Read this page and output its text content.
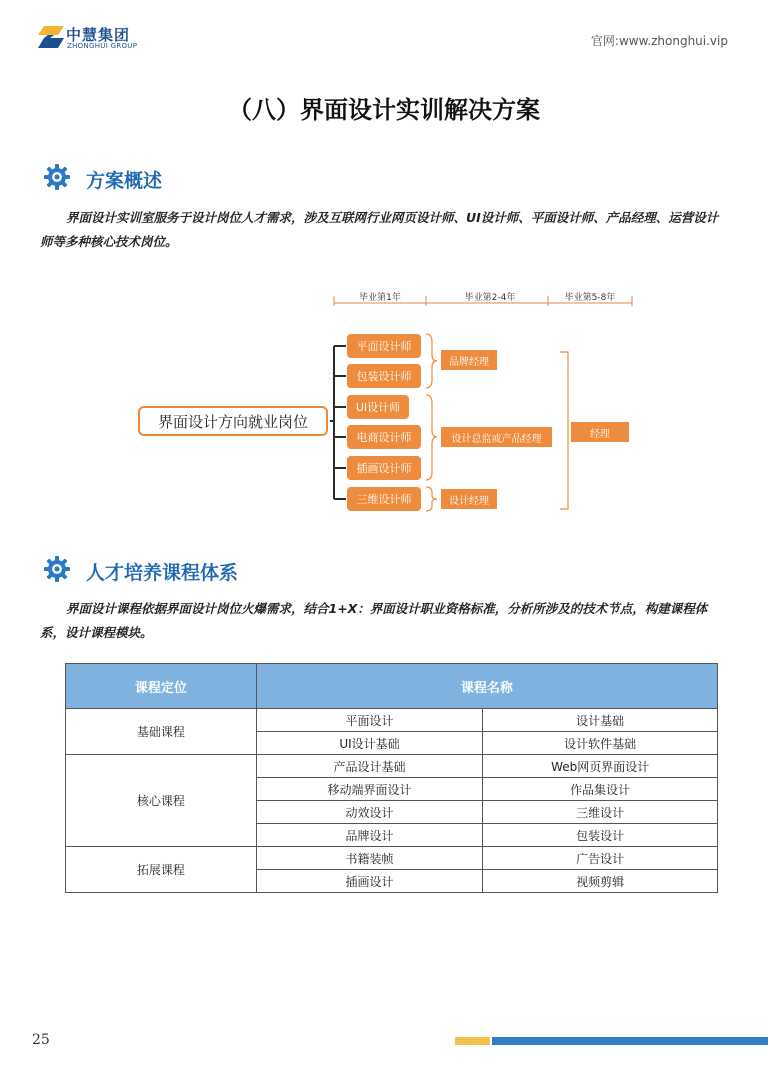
中慧集团
ZHONGHUI GROUP	官网:www.zhonghui.vip
（八）界面设计实训解决方案
方案概述
界面设计实训室服务于设计岗位人才需求，涉及互联网行业网页设计师、UI设计师、平面设计师、产品经理、运营设计师等多种核心技术岗位。
毕业第1年	毕业第2-4年	毕业第5-8年
界面设计方向就业岗位
平面设计师
包装设计师
UI设计师
电商设计师
插画设计师
三维设计师
品牌经理
设计总监或产品经理
设计经理
经理
人才培养课程体系
界面设计课程依据界面设计岗位火爆需求，结合1+X：界面设计职业资格标准，分析所涉及的技术节点，构建课程体系，设计课程模块。
课程定位	课程名称	
基础课程	平面设计	设计基础
	UI设计基础	设计软件基础
核心课程	产品设计基础	Web网页界面设计
	移动端界面设计	作品集设计
	动效设计	三维设计
	品牌设计	包装设计
拓展课程	书籍装帧	广告设计
	插画设计	视频剪辑
25
